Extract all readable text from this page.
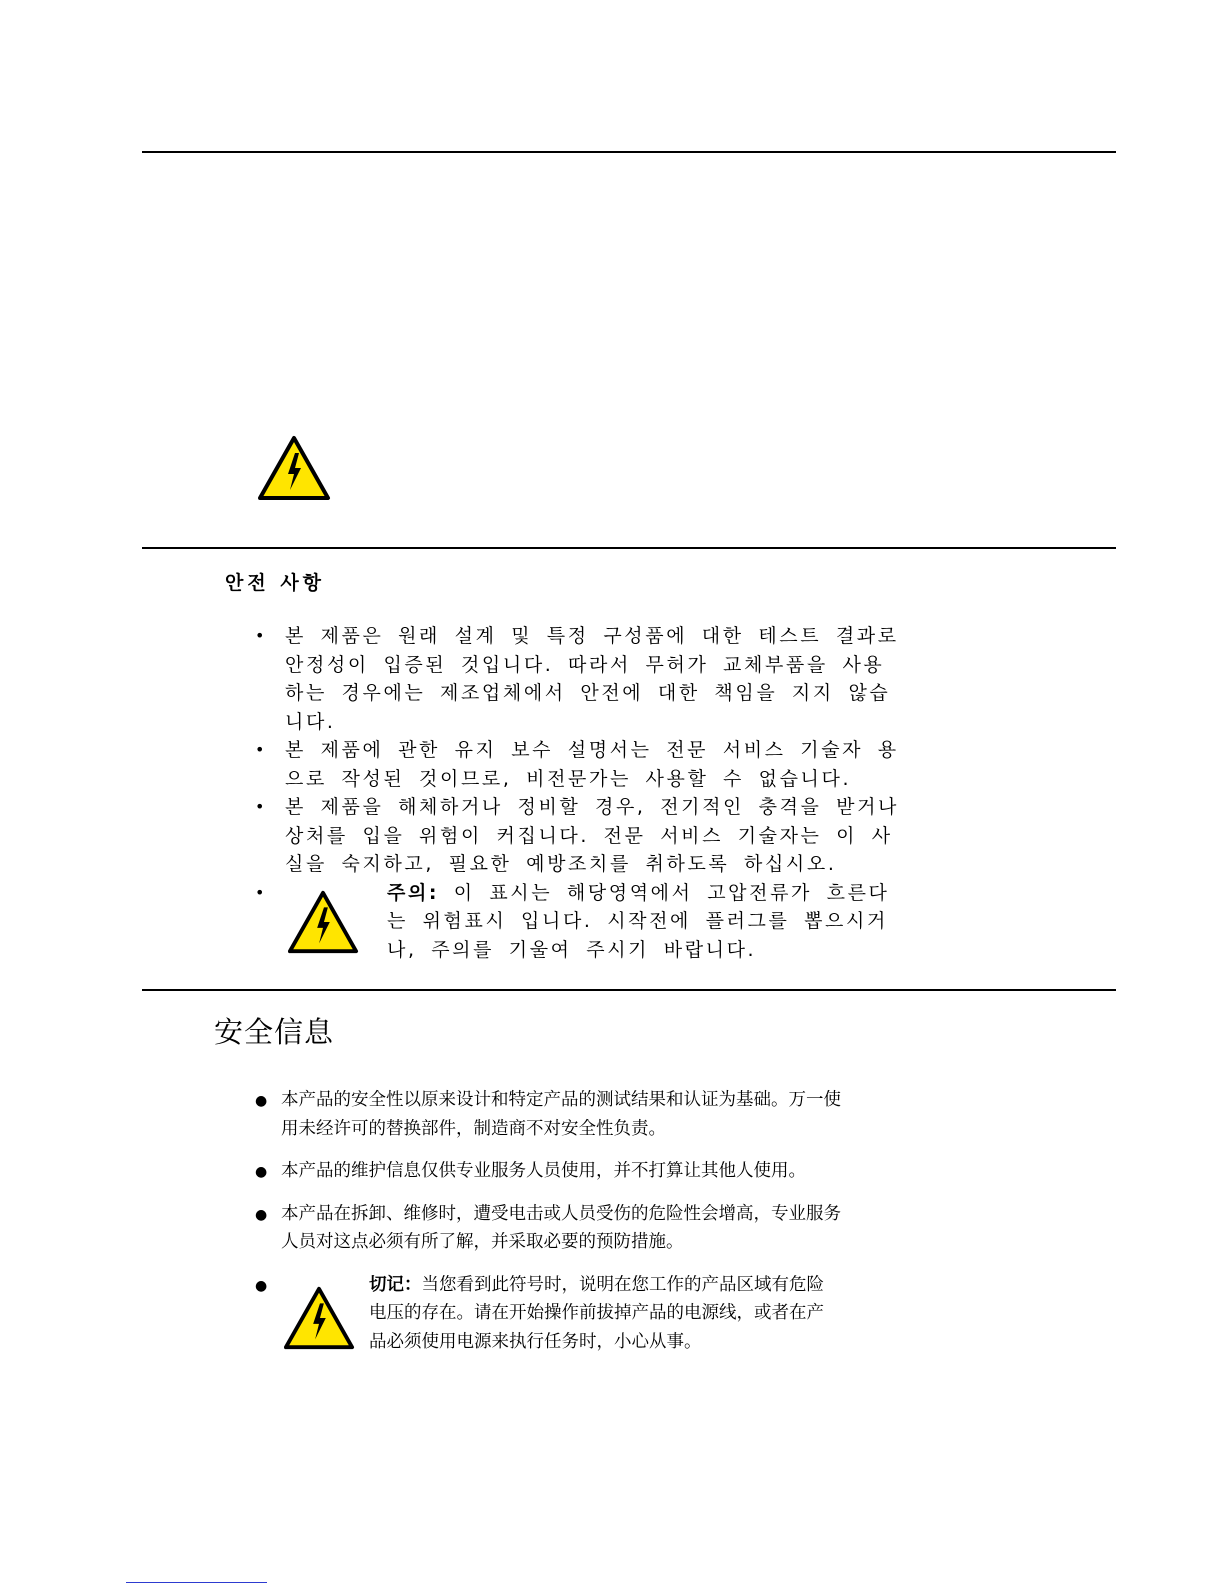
안전 사항
• 본 제품은 원래 설계 및 특정 구성품에 대한 테스트 결과로 안정성이 입증된 것입니다. 따라서 무허가 교체부품을 사용하는 경우에는 제조업체에서 안전에 대한 책임을 지지 않습니다.
• 본 제품에 관한 유지 보수 설명서는 전문 서비스 기술자 용으로 작성된 것이므로, 비전문가는 사용할 수 없습니다.
• 본 제품을 해체하거나 정비할 경우, 전기적인 충격을 받거나 상처를 입을 위험이 커집니다. 전문 서비스 기술자는 이 사실을 숙지하고, 필요한 예방조치를 취하도록 하십시오.
•	주의: 이 표시는 해당영역에서 고압전류가 흐른다는 위험표시 입니다. 시작전에 플러그를 뽑으시거나, 주의를 기울여 주시기 바랍니다.
安全信息
● 本产品的安全性以原来设计和特定产品的测试结果和认证为基础。万一使用未经许可的替换部件，制造商不对安全性负责。
● 本产品的维护信息仅供专业服务人员使用，并不打算让其他人使用。
● 本产品在拆卸、维修时，遭受电击或人员受伤的危险性会增高，专业服务人员对这点必须有所了解，并采取必要的预防措施。
●	切记：当您看到此符号时，说明在您工作的产品区域有危险电压的存在。请在开始操作前拔掉产品的电源线，或者在产品必须使用电源来执行任务时，小心从事。
